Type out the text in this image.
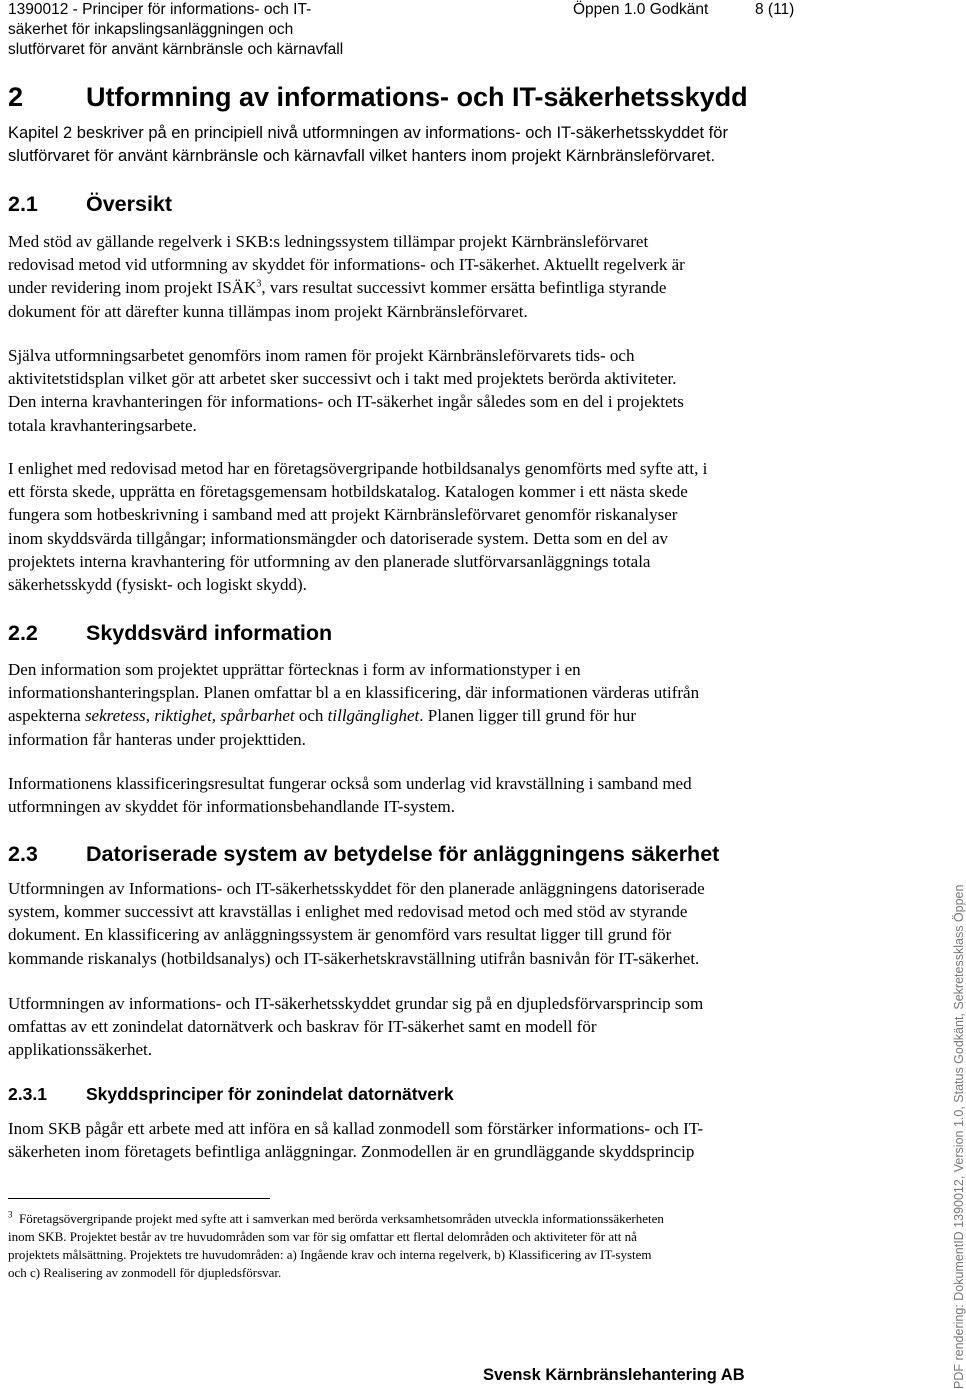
1390012 - Principer för informations- och IT-
säkerhet för inkapslingsanläggningen och
slutförvaret för använt kärnbränsle och kärnavfall
Öppen 1.0 Godkänt	8 (11)
2 Utformning av informations- och IT-säkerhetsskydd

Kapitel 2 beskriver på en principiell nivå utformningen av informations- och IT-säkerhetsskyddet för
slutförvaret för använt kärnbränsle och kärnavfall vilket hanters inom projekt Kärnbränsleförvaret.

2.1 Översikt

Med stöd av gällande regelverk i SKB:s ledningssystem tillämpar projekt Kärnbränsleförvaret
redovisad metod vid utformning av skyddet för informations- och IT-säkerhet. Aktuellt regelverk är
under revidering inom projekt ISÄK$^3$, vars resultat successivt kommer ersätta befintliga styrande
dokument för att därefter kunna tillämpas inom projekt Kärnbränsleförvaret.

Själva utformningsarbetet genomförs inom ramen för projekt Kärnbränsleförvarets tids- och
aktivitetstidsplan vilket gör att arbetet sker successivt och i takt med projektets berörda aktiviteter.
Den interna kravhanteringen för informations- och IT-säkerhet ingår således som en del i projektets
totala kravhanteringsarbete.

I enlighet med redovisad metod har en företagsövergripande hotbildsanalys genomförts med syfte att, i
ett första skede, upprätta en företagsgemensam hotbildskatalog. Katalogen kommer i ett nästa skede
fungera som hotbeskrivning i samband med att projekt Kärnbränsleförvaret genomför riskanalyser
inom skyddsvärda tillgångar; informationsmängder och datoriserade system. Detta som en del av
projektets interna kravhantering för utformning av den planerade slutförvarsanläggnings totala
säkerhetsskydd (fysiskt- och logiskt skydd).

2.2 Skyddsvärd information

Den information som projektet upprättar förtecknas i form av informationstyper i en
informationshanteringsplan. Planen omfattar bl a en klassificering, där informationen värderas utifrån
aspekterna sekretess, riktighet, spårbarhet och tillgänglighet. Planen ligger till grund för hur
information får hanteras under projekttiden.

Informationens klassificeringsresultat fungerar också som underlag vid kravställning i samband med
utformningen av skyddet för informationsbehandlande IT-system.

2.3 Datoriserade system av betydelse för anläggningens säkerhet

Utformningen av Informations- och IT-säkerhetsskyddet för den planerade anläggningens datoriserade
system, kommer successivt att kravställas i enlighet med redovisad metod och med stöd av styrande
dokument. En klassificering av anläggningssystem är genomförd vars resultat ligger till grund för
kommande riskanalys (hotbildsanalys) och IT-säkerhetskravställning utifrån basnivån för IT-säkerhet.

Utformningen av informations- och IT-säkerhetsskyddet grundar sig på en djupledsförvarsprincip som
omfattas av ett zonindelat datornätverk och baskrav för IT-säkerhet samt en modell för
applikationssäkerhet.

2.3.1 Skyddsprinciper för zonindelat datornätverk

Inom SKB pågår ett arbete med att införa en så kallad zonmodell som förstärker informations- och IT-
säkerheten inom företagets befintliga anläggningar. Zonmodellen är en grundläggande skyddsprincip

$^3$ Företagsövergripande projekt med syfte att i samverkan med berörda verksamhetsområden utveckla informationssäkerheten
inom SKB. Projektet består av tre huvudområden som var för sig omfattar ett flertal delområden och aktiviteter för att nå
projektets målsättning. Projektets tre huvudområden: a) Ingående krav och interna regelverk, b) Klassificering av IT-system
och c) Realisering av zonmodell för djupledsförsvar.

Svensk Kärnbränslehantering AB	PDF rendering: DokumentID 1390012, Version 1.0, Status Godkänt, Sekretessklass Öppen
